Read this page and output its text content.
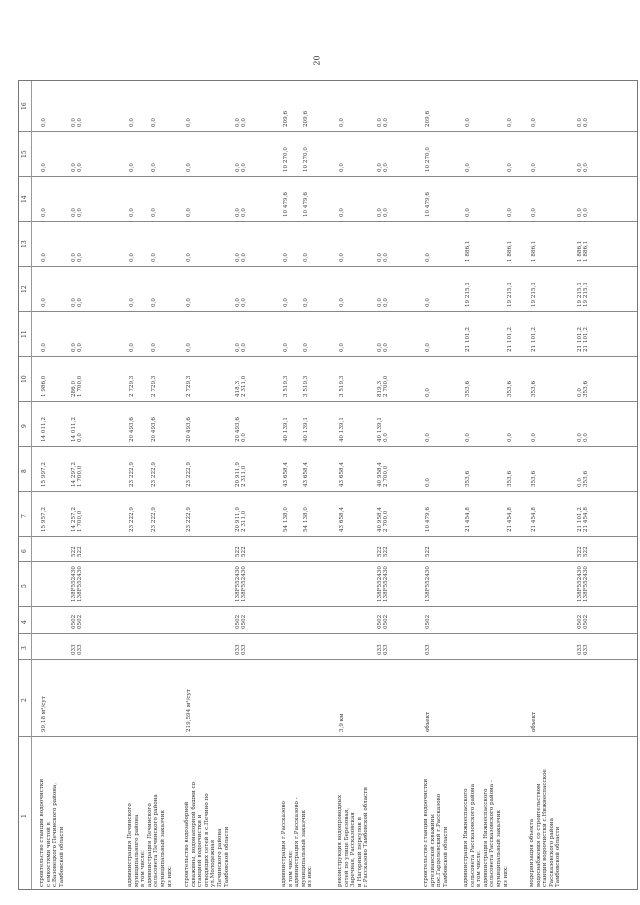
20
1
2
3
4
5
6
7
8
9
10
11
12
13
14
15
16
строительство станции водоочистки
с емкостями чистой в
с.Вазовецкого Печинского района,
Тамбовской области
99,18 м³/сут
15 957,2
15 997,2
14 011,2
1 986,0
0,0
0,0
0,0
0,0
0,0
0,0
033
033
0502
0502
138F552430
138F552430
522
522
14 257,2
1 700,0
14 297,2
1 700,0
14 011,2
0,0
286,0
1 700,0
0,0
0,0
0,0
0,0
0,0
0,0
0,0
0,0
0,0
0,0
0,0
0,0
администрация Печинского
муниципального района
в том числе:
администрация Печинского
сельсовета Печинского района
муниципальный заказчик
из них:
23 222,9
23 222,9
20 493,6
2 729,3
0,0
0,0
0,0
0,0
0,0
0,0
23 222,9
23 222,9
20 493,6
2 729,3
0,0
0,0
0,0
0,0
0,0
0,0
строительство водозаборной
скважины, водонапорной башни со
станцией водоочистки и
отводящих сетей в с.Печино по
ул.Молодежная
Печинского района
Тамбовской области
219,594 м³/сут
23 222,9
23 222,9
20 493,6
2 729,3
0,0
0,0
0,0
0,0
0,0
0,0
033
033
0502
0502
138F552430
138F552430
522
522
20 911,9
2 311,0
20 911,9
2 311,0
20 493,6
0,0
418,3
2 311,0
0,0
0,0
0,0
0,0
0,0
0,0
0,0
0,0
0,0
0,0
0,0
0,0
администрация г.Рассказово
в том числе:
администрация г.Рассказово -
муниципальный заказчик
из них:
54 138,0
43 658,4
40 139,1
3 519,3
0,0
0,0
0,0
10 479,6
10 270,0
209,6
54 138,0
43 658,4
40 139,1
3 519,3
0,0
0,0
0,0
10 479,6
10 270,0
209,6
реконструкция водопроводных
сетей по улице Березовая,
Заречная, Рассказовская
и Нагорный переулок в
г.Рассказово Тамбовской области
3,9 км
43 658,4
43 658,4
40 139,1
3 519,3
0,0
0,0
0,0
0,0
0,0
0,0
033
033
0502
0502
138F552430
138F552430
522
522
40 958,4
2 700,0
40 958,4
2 700,0
40 139,1
0,0
819,3
2 700,0
0,0
0,0
0,0
0,0
0,0
0,0
0,0
0,0
0,0
0,0
0,0
0,0
строительство станции водоочистки
артезианской скважины
пос.Гарделевский г.Рассказово
Тамбовской области
объект
033
0502
138F552430
522
10 479,6
0,0
0,0
0,0
0,0
0,0
0,0
10 479,6
10 270,0
209,6
администрация Нижнеспасского
сельсовета Рассказовского района
в том числе:
администрация Нижнеспасского
сельсовета Рассказовского района -
муниципальный заказчик
из них:
21 454,8
353,6
0,0
353,6
21 101,2
19 215,1
1 886,1
0,0
0,0
0,0
21 454,8
353,6
0,0
353,6
21 101,2
19 215,1
1 886,1
0,0
0,0
0,0
модернизация объекта
водоснабжения со строительством
станции водоочистки с.Нижнеспасское
Рассказовского района
Тамбовской области
объект
21 454,8
353,6
0,0
353,6
21 101,2
19 215,1
1 886,1
0,0
0,0
0,0
033
033
0502
0502
138F552430
138F552430
522
522
21 101,2
21 454,8
0,0
353,6
0,0
0,0
0,0
353,6
21 101,2
21 101,2
19 215,1
19 215,1
1 886,1
1 886,1
0,0
0,0
0,0
0,0
0,0
0,0
